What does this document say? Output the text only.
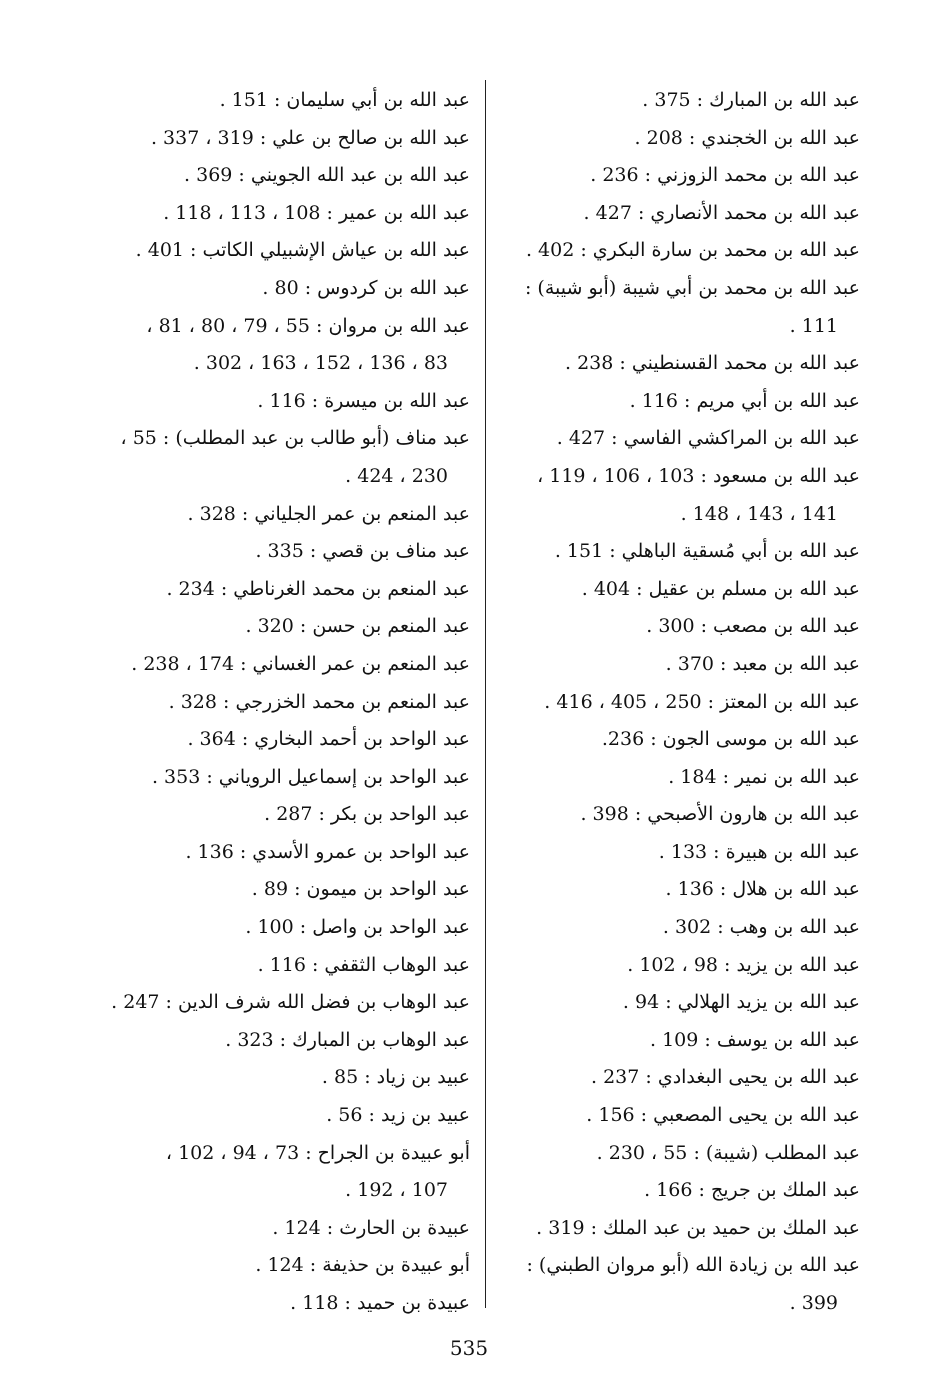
عبد الله بن المبارك : 375 .
عبد الله بن الخجندي : 208 .
عبد الله بن محمد الزوزني : 236 .
عبد الله بن محمد الأنصاري : 427 .
عبد الله بن محمد بن سارة البكري : 402 .
عبد الله بن محمد بن أبي شيبة (أبو شيبة) :
111 .
عبد الله بن محمد القسنطيني : 238 .
عبد الله بن أبي مريم : 116 .
عبد الله بن المراكشي الفاسي : 427 .
عبد الله بن مسعود : 103 ، 106 ، 119 ،
141 ، 143 ، 148 .
عبد الله بن أبي مُسقية الباهلي : 151 .
عبد الله بن مسلم بن عقيل : 404 .
عبد الله بن مصعب : 300 .
عبد الله بن معبد : 370 .
عبد الله بن المعتز : 250 ، 405 ، 416 .
عبد الله بن موسى الجون : 236.
عبد الله بن نمير : 184 .
عبد الله بن هارون الأصبحي : 398 .
عبد الله بن هبيرة : 133 .
عبد الله بن هلال : 136 .
عبد الله بن وهب : 302 .
عبد الله بن يزيد : 98 ، 102 .
عبد الله بن يزيد الهلالي : 94 .
عبد الله بن يوسف : 109 .
عبد الله بن يحيى البغدادي : 237 .
عبد الله بن يحيى المصعبي : 156 .
عبد المطلب (شيبة) : 55 ، 230 .
عبد الملك بن جريج : 166 .
عبد الملك بن حميد بن عبد الملك : 319 .
عبد الله بن زيادة الله (أبو مروان الطبني) :
399 .
عبد الله بن أبي سليمان : 151 .
عبد الله بن صالح بن علي : 319 ، 337 .
عبد الله بن عبد الله الجويني : 369 .
عبد الله بن عمير : 108 ، 113 ، 118 .
عبد الله بن عياش الإشبيلي الكاتب : 401 .
عبد الله بن كردوس : 80 .
عبد الله بن مروان : 55 ، 79 ، 80 ، 81 ،
83 ، 136 ، 152 ، 163 ، 302 .
عبد الله بن ميسرة : 116 .
عبد مناف (أبو طالب بن عبد المطلب) : 55 ،
230 ، 424 .
عبد المنعم بن عمر الجلياني : 328 .
عبد مناف بن قصي : 335 .
عبد المنعم بن محمد الغرناطي : 234 .
عبد المنعم بن حسن : 320 .
عبد المنعم بن عمر الغساني : 174 ، 238 .
عبد المنعم بن محمد الخزرجي : 328 .
عبد الواحد بن أحمد البخاري : 364 .
عبد الواحد بن إسماعيل الروياني : 353 .
عبد الواحد بن بكر : 287 .
عبد الواحد بن عمرو الأسدي : 136 .
عبد الواحد بن ميمون : 89 .
عبد الواحد بن واصل : 100 .
عبد الوهاب الثقفي : 116 .
عبد الوهاب بن فضل الله شرف الدين : 247 .
عبد الوهاب بن المبارك : 323 .
عبيد بن زياد : 85 .
عبيد بن زيد : 56 .
أبو عبيدة بن الجراح : 73 ، 94 ، 102 ،
107 ، 192 .
عبيدة بن الحارث : 124 .
أبو عبيدة بن حذيفة : 124 .
عبيدة بن حميد : 118 .
535
